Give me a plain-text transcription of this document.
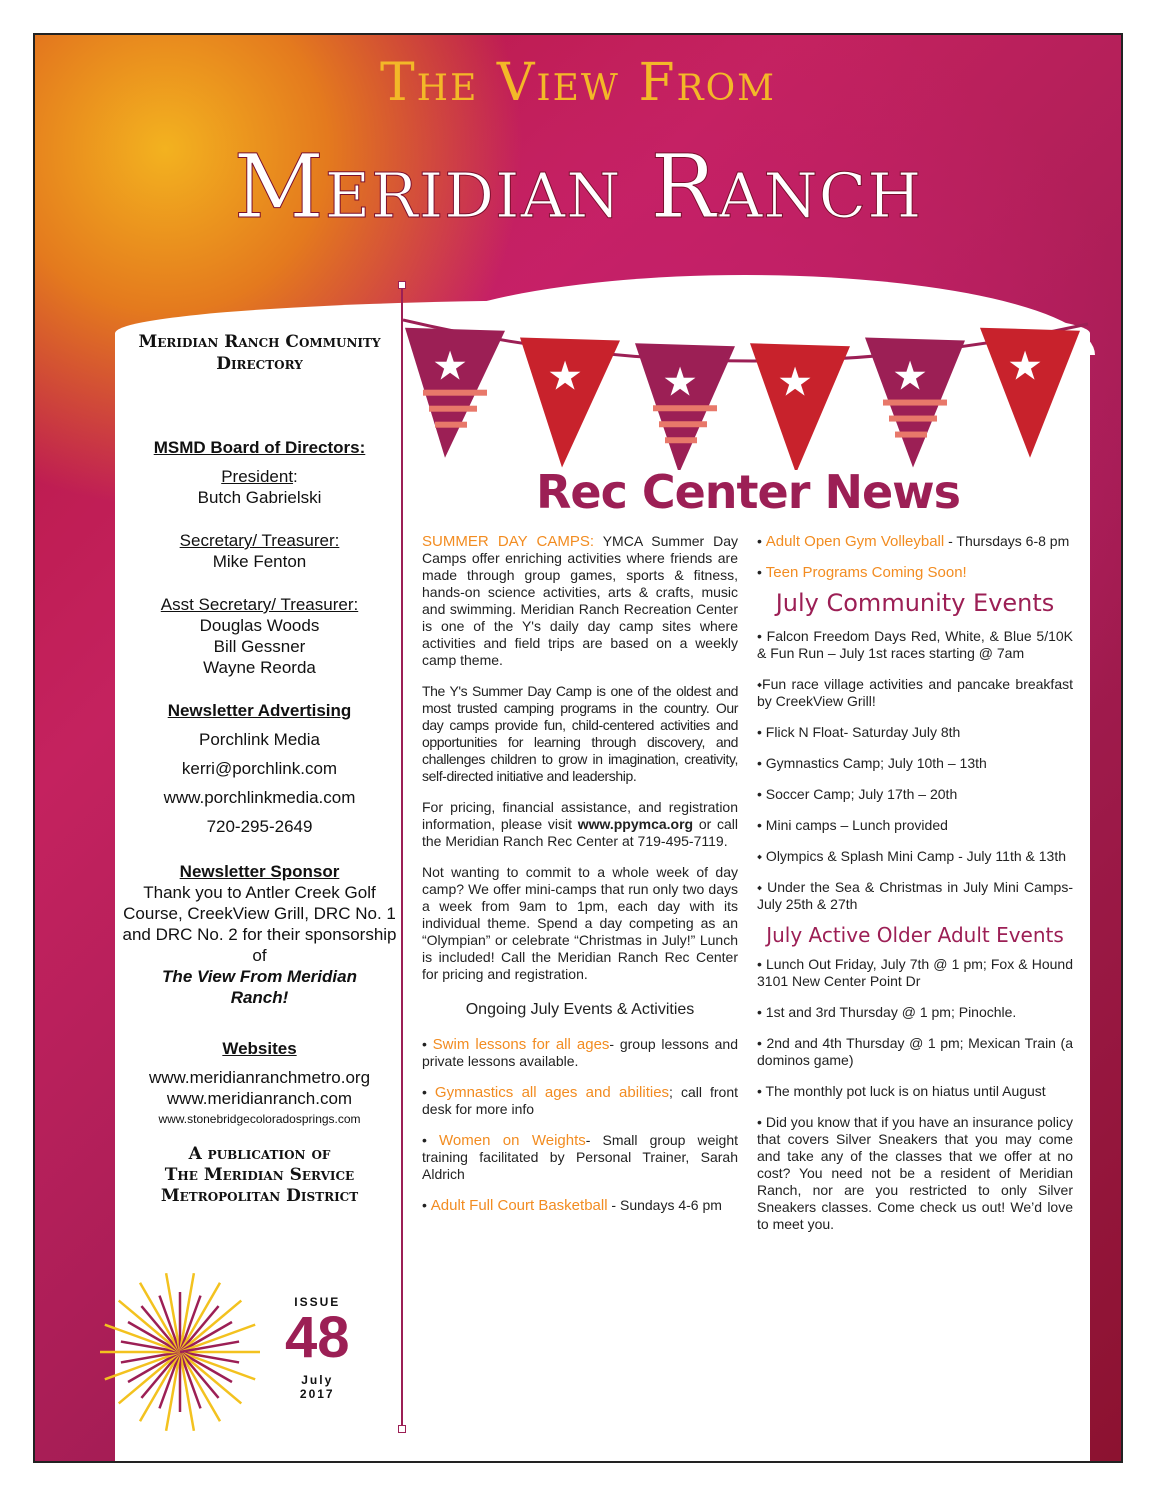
The View From
Meridian Ranch
★ ★ ★ ★ ★ ★
Rec Center News
Meridian Ranch Community Directory
MSMD Board of Directors:
President:
Butch Gabrielski
Secretary/ Treasurer:
Mike Fenton
Asst Secretary/ Treasurer:
Douglas Woods
Bill Gessner
Wayne Reorda
Newsletter Advertising
Porchlink Media
kerri@porchlink.com
www.porchlinkmedia.com
720-295-2649
Newsletter Sponsor
Thank you to Antler Creek Golf Course, CreekView Grill, DRC No. 1 and DRC No. 2 for their sponsorship of
The View From Meridian Ranch!
Websites
www.meridianranchmetro.org
www.meridianranch.com
www.stonebridgecoloradosprings.com
A publication of
The Meridian Service
Metropolitan District
ISSUE
48
July
2017

SUMMER DAY CAMPS: YMCA Summer Day Camps offer enriching activities where friends are made through group games, sports & fitness, hands-on science activities, arts & crafts, music and swimming. Meridian Ranch Recreation Center is one of the Y's daily day camp sites where activities and field trips are based on a weekly camp theme.

The Y's Summer Day Camp is one of the oldest and most trusted camping programs in the country. Our day camps provide fun, child-centered activities and opportunities for learning through discovery, and challenges children to grow in imagination, creativity, self-directed initiative and leadership.

For pricing, financial assistance, and registration information, please visit www.ppymca.org or call the Meridian Ranch Rec Center at 719-495-7119.

Not wanting to commit to a whole week of day camp? We offer mini-camps that run only two days a week from 9am to 1pm, each day with its individual theme. Spend a day competing as an “Olympian” or celebrate “Christmas in July!” Lunch is included! Call the Meridian Ranch Rec Center for pricing and registration.

Ongoing July Events & Activities

• Swim lessons for all ages- group lessons and private lessons available.

• Gymnastics all ages and abilities; call front desk for more info

• Women on Weights- Small group weight training facilitated by Personal Trainer, Sarah Aldrich

• Adult Full Court Basketball - Sundays 4-6 pm

• Adult Open Gym Volleyball - Thursdays 6-8 pm

• Teen Programs Coming Soon!

July Community Events

• Falcon Freedom Days Red, White, & Blue 5/10K & Fun Run – July 1st races starting @ 7am

⬩Fun race village activities and pancake breakfast by CreekView Grill!

• Flick N Float- Saturday July 8th

• Gymnastics Camp; July 10th – 13th

• Soccer Camp; July 17th – 20th

• Mini camps – Lunch provided

⬩ Olympics & Splash Mini Camp - July 11th & 13th

⬩ Under the Sea & Christmas in July Mini Camps- July 25th & 27th

July Active Older Adult Events

• Lunch Out Friday, July 7th @ 1 pm; Fox & Hound 3101 New Center Point Dr

• 1st and 3rd Thursday @ 1 pm; Pinochle.

• 2nd and 4th Thursday @ 1 pm; Mexican Train (a dominos game)

• The monthly pot luck is on hiatus until August

• Did you know that if you have an insurance policy that covers Silver Sneakers that you may come and take any of the classes that we offer at no cost? You need not be a resident of Meridian Ranch, nor are you restricted to only Silver Sneakers classes. Come check us out! We’d love to meet you.
